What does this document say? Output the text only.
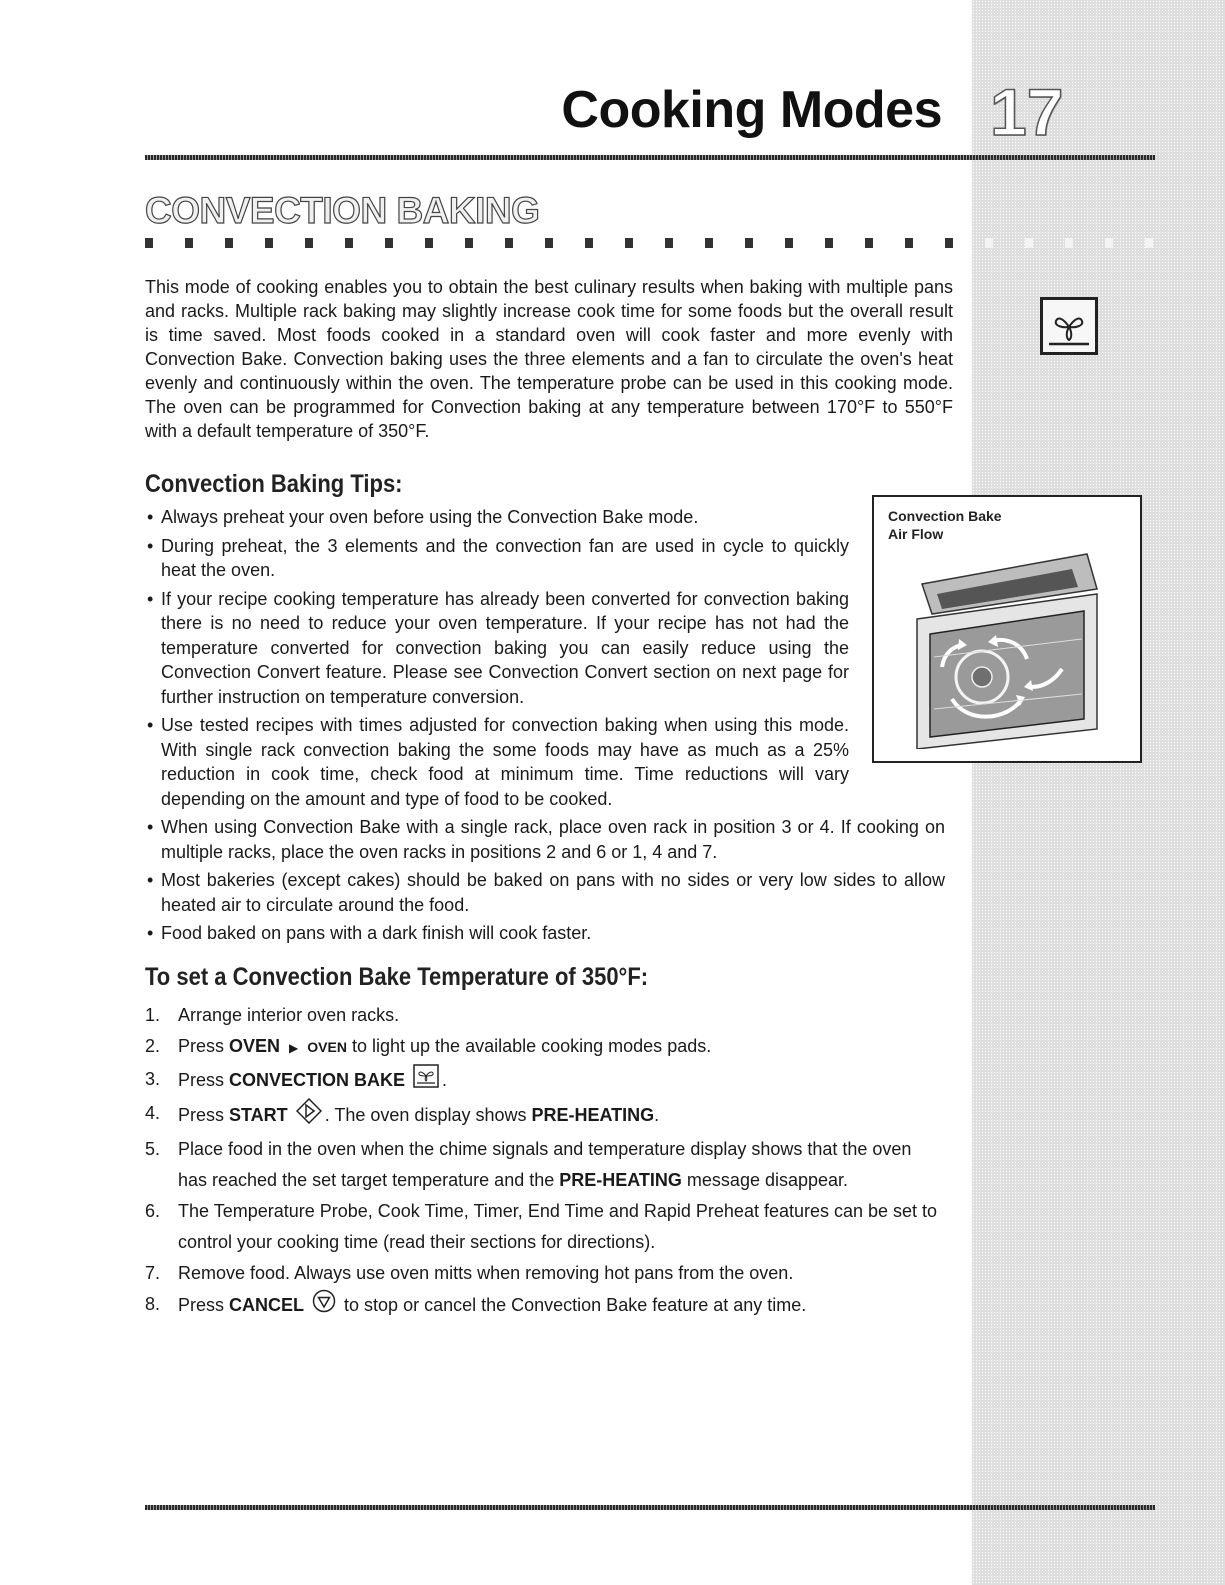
Cooking Modes 17
CONVECTION BAKING

This mode of cooking enables you to obtain the best culinary results when baking with multiple pans and racks. Multiple rack baking may slightly increase cook time for some foods but the overall result is time saved. Most foods cooked in a standard oven will cook faster and more evenly with Convection Bake. Convection baking uses the three elements and a fan to circulate the oven's heat evenly and continuously within the oven. The temperature probe can be used in this cooking mode. The oven can be programmed for Convection baking at any temperature between 170°F to 550°F with a default temperature of 350°F.

Convection Baking Tips:
• Always preheat your oven before using the Convection Bake mode.
• During preheat, the 3 elements and the convection fan are used in cycle to quickly heat the oven.
• If your recipe cooking temperature has already been converted for convection baking there is no need to reduce your oven temperature. If your recipe has not had the temperature converted for convection baking you can easily reduce using the Convection Convert feature. Please see Convection Convert section on next page for further instruction on temperature conversion.
• Use tested recipes with times adjusted for convection baking when using this mode. With single rack convection baking the some foods may have as much as a 25% reduction in cook time, check food at minimum time. Time reductions will vary depending on the amount and type of food to be cooked.
• When using Convection Bake with a single rack, place oven rack in position 3 or 4. If cooking on multiple racks, place the oven racks in positions 2 and 6 or 1, 4 and 7.
• Most bakeries (except cakes) should be baked on pans with no sides or very low sides to allow heated air to circulate around the food.
• Food baked on pans with a dark finish will cook faster.
Convection Bake
Air Flow
To set a Convection Bake Temperature of 350°F:
1. Arrange interior oven racks.
2. Press OVEN ▶ OVEN to light up the available cooking modes pads.
3. Press CONVECTION BAKE .
4. Press START . The oven display shows PRE-HEATING.
5. Place food in the oven when the chime signals and temperature display shows that the oven has reached the set target temperature and the PRE-HEATING message disappear.
6. The Temperature Probe, Cook Time, Timer, End Time and Rapid Preheat features can be set to control your cooking time (read their sections for directions).
7. Remove food. Always use oven mitts when removing hot pans from the oven.
8. Press CANCEL  to stop or cancel the Convection Bake feature at any time.
